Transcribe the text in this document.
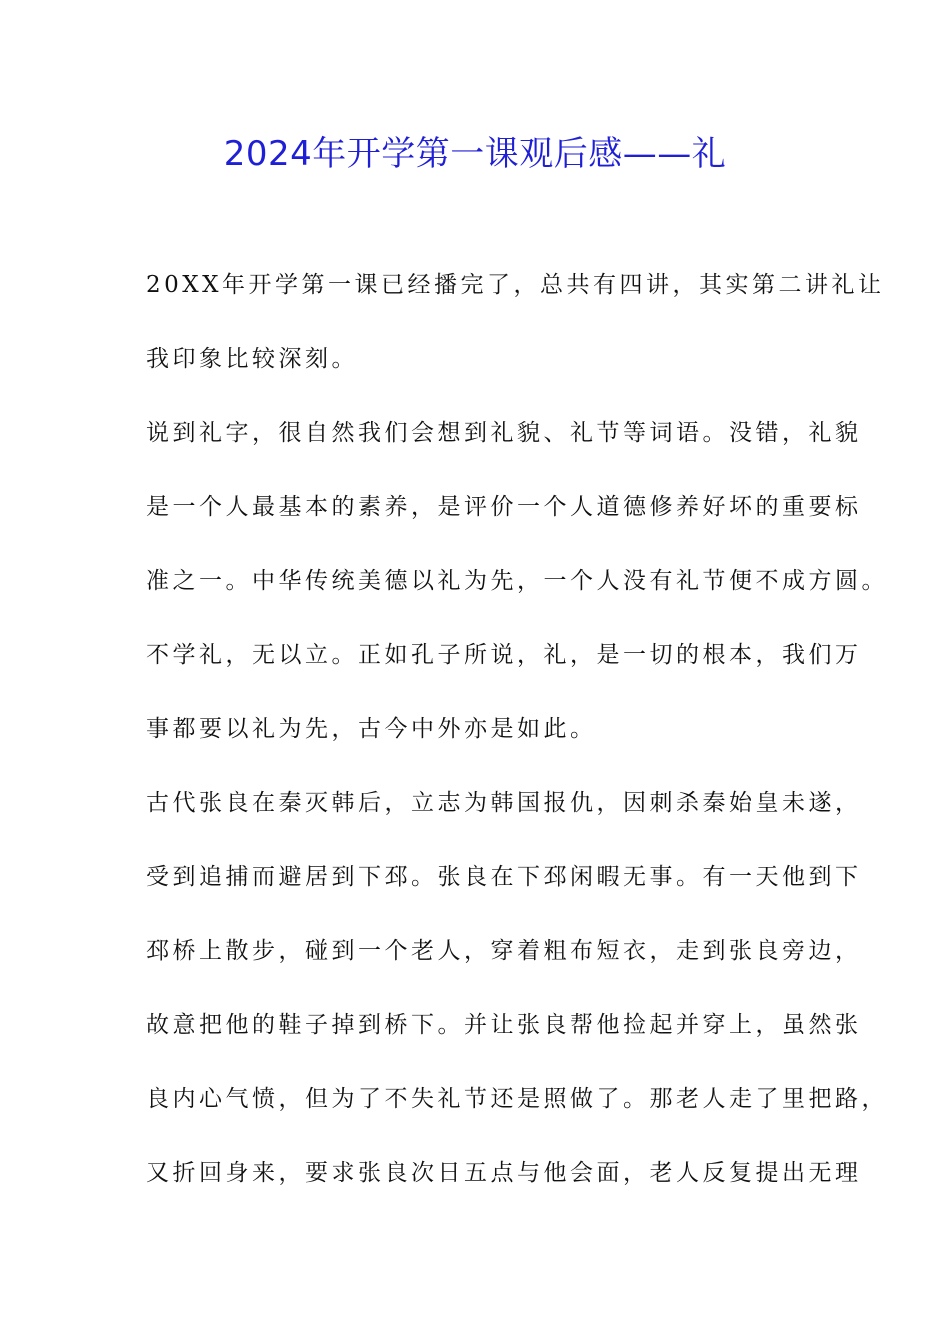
2024年开学第一课观后感——礼
20XX年开学第一课已经播完了，总共有四讲，其实第二讲礼让
我印象比较深刻。
说到礼字，很自然我们会想到礼貌、礼节等词语。没错，礼貌
是一个人最基本的素养，是评价一个人道德修养好坏的重要标
准之一。中华传统美德以礼为先，一个人没有礼节便不成方圆。
不学礼，无以立。正如孔子所说，礼，是一切的根本，我们万
事都要以礼为先，古今中外亦是如此。
古代张良在秦灭韩后，立志为韩国报仇，因刺杀秦始皇未遂，
受到追捕而避居到下邳。张良在下邳闲暇无事。有一天他到下
邳桥上散步，碰到一个老人，穿着粗布短衣，走到张良旁边，
故意把他的鞋子掉到桥下。并让张良帮他捡起并穿上，虽然张
良内心气愤，但为了不失礼节还是照做了。那老人走了里把路，
又折回身来，要求张良次日五点与他会面，老人反复提出无理
